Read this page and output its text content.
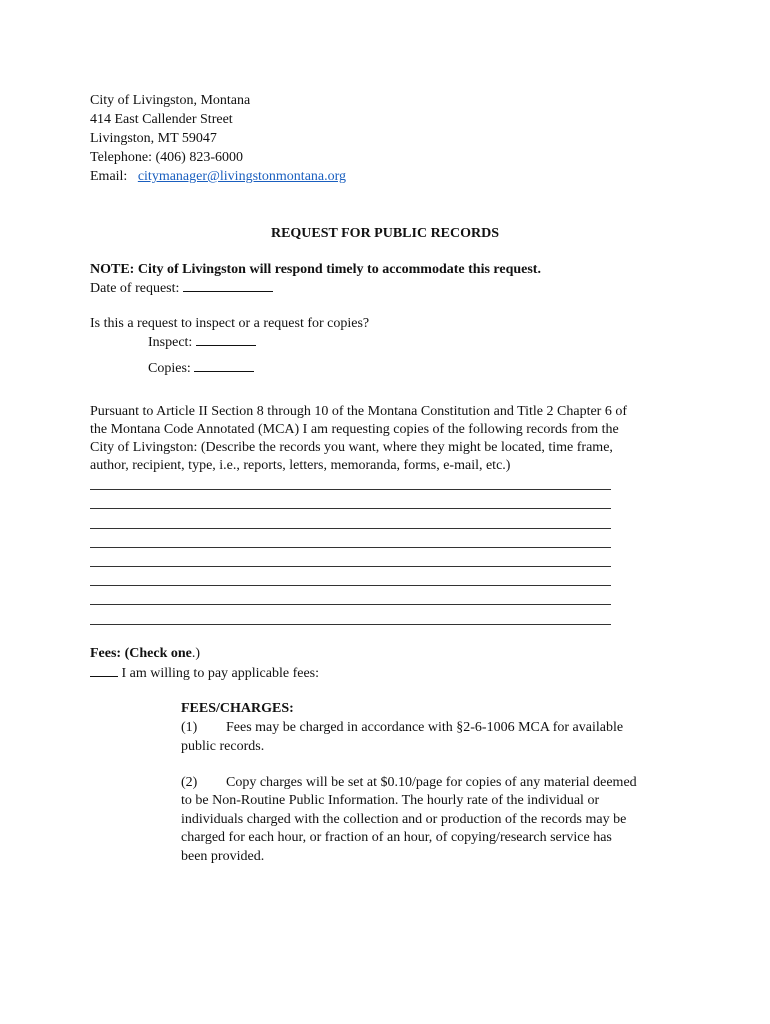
City of Livingston, Montana
414 East Callender Street
Livingston, MT 59047
Telephone: (406) 823-6000
Email: citymanager@livingstonmontana.org
REQUEST FOR PUBLIC RECORDS
NOTE: City of Livingston will respond timely to accommodate this request.
Date of request:
Is this a request to inspect or a request for copies?
Inspect:
Copies:
Pursuant to Article II Section 8 through 10 of the Montana Constitution and Title 2 Chapter 6 of
the Montana Code Annotated (MCA) I am requesting copies of the following records from the
City of Livingston: (Describe the records you want, where they might be located, time frame,
author, recipient, type, i.e., reports, letters, memoranda, forms, e-mail, etc.)
Fees: (Check one.)
I am willing to pay applicable fees:
FEES/CHARGES:
(1) Fees may be charged in accordance with §2-6-1006 MCA for available
public records.
(2) Copy charges will be set at $0.10/page for copies of any material deemed
to be Non-Routine Public Information. The hourly rate of the individual or
individuals charged with the collection and or production of the records may be
charged for each hour, or fraction of an hour, of copying/research service has
been provided.
